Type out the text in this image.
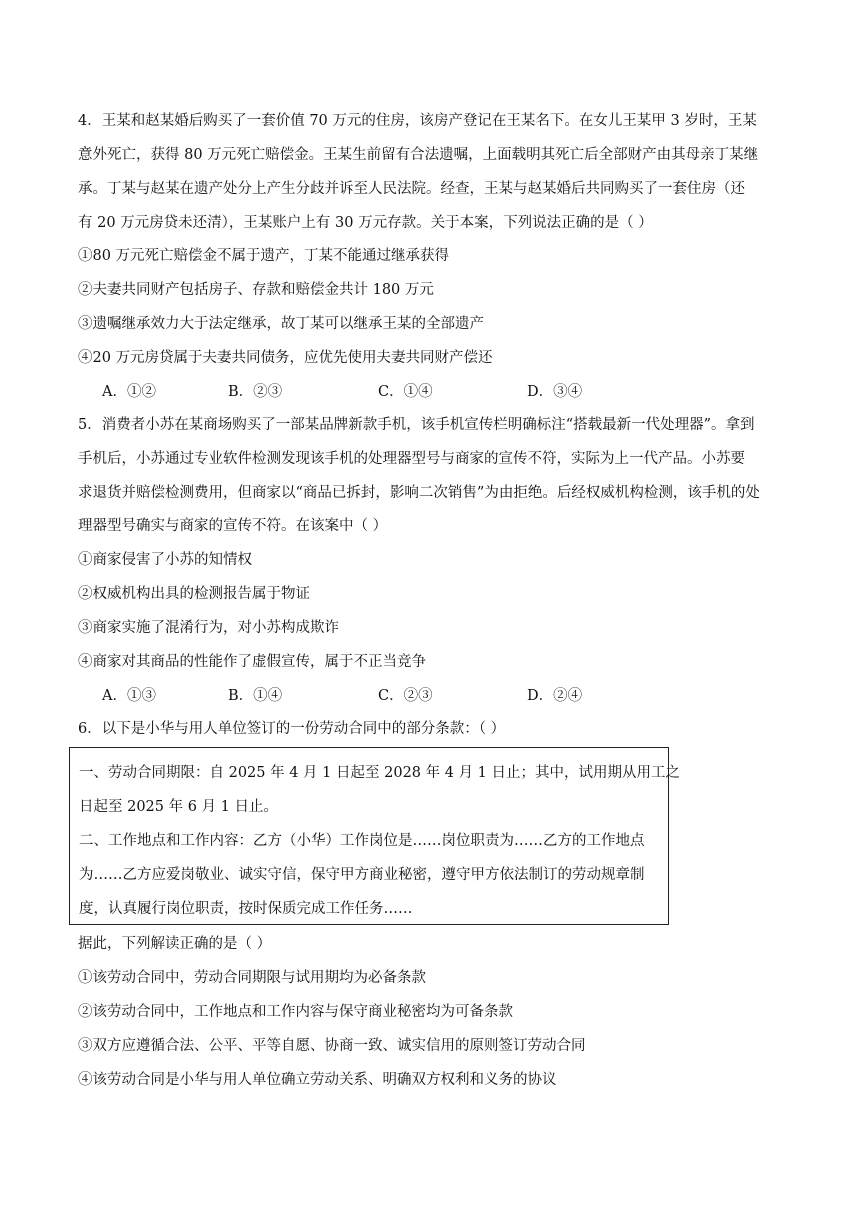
4．王某和赵某婚后购买了一套价值 70 万元的住房，该房产登记在王某名下。在女儿王某甲 3 岁时，王某
意外死亡，获得 80 万元死亡赔偿金。王某生前留有合法遗嘱，上面载明其死亡后全部财产由其母亲丁某继
承。丁某与赵某在遗产处分上产生分歧并诉至人民法院。经查，王某与赵某婚后共同购买了一套住房（还
有 20 万元房贷未还清），王某账户上有 30 万元存款。关于本案，下列说法正确的是（ ）
①80 万元死亡赔偿金不属于遗产，丁某不能通过继承获得
②夫妻共同财产包括房子、存款和赔偿金共计 180 万元
③遗嘱继承效力大于法定继承，故丁某可以继承王某的全部遗产
④20 万元房贷属于夫妻共同债务，应优先使用夫妻共同财产偿还
A．①②	B．②③	C．①④	D．③④
5．消费者小苏在某商场购买了一部某品牌新款手机，该手机宣传栏明确标注“搭载最新一代处理器”。拿到
手机后，小苏通过专业软件检测发现该手机的处理器型号与商家的宣传不符，实际为上一代产品。小苏要
求退货并赔偿检测费用，但商家以“商品已拆封，影响二次销售”为由拒绝。后经权威机构检测，该手机的处
理器型号确实与商家的宣传不符。在该案中（ ）
①商家侵害了小苏的知情权
②权威机构出具的检测报告属于物证
③商家实施了混淆行为，对小苏构成欺诈
④商家对其商品的性能作了虚假宣传，属于不正当竞争
A．①③	B．①④	C．②③	D．②④
6．以下是小华与用人单位签订的一份劳动合同中的部分条款：（ ）
一、劳动合同期限：自 2025 年 4 月 1 日起至 2028 年 4 月 1 日止；其中，试用期从用工之
日起至 2025 年 6 月 1 日止。
二、工作地点和工作内容：乙方（小华）工作岗位是……岗位职责为……乙方的工作地点
为……乙方应爱岗敬业、诚实守信，保守甲方商业秘密，遵守甲方依法制订的劳动规章制
度，认真履行岗位职责，按时保质完成工作任务……
据此，下列解读正确的是（ ）
①该劳动合同中，劳动合同期限与试用期均为必备条款
②该劳动合同中，工作地点和工作内容与保守商业秘密均为可备条款
③双方应遵循合法、公平、平等自愿、协商一致、诚实信用的原则签订劳动合同
④该劳动合同是小华与用人单位确立劳动关系、明确双方权利和义务的协议
